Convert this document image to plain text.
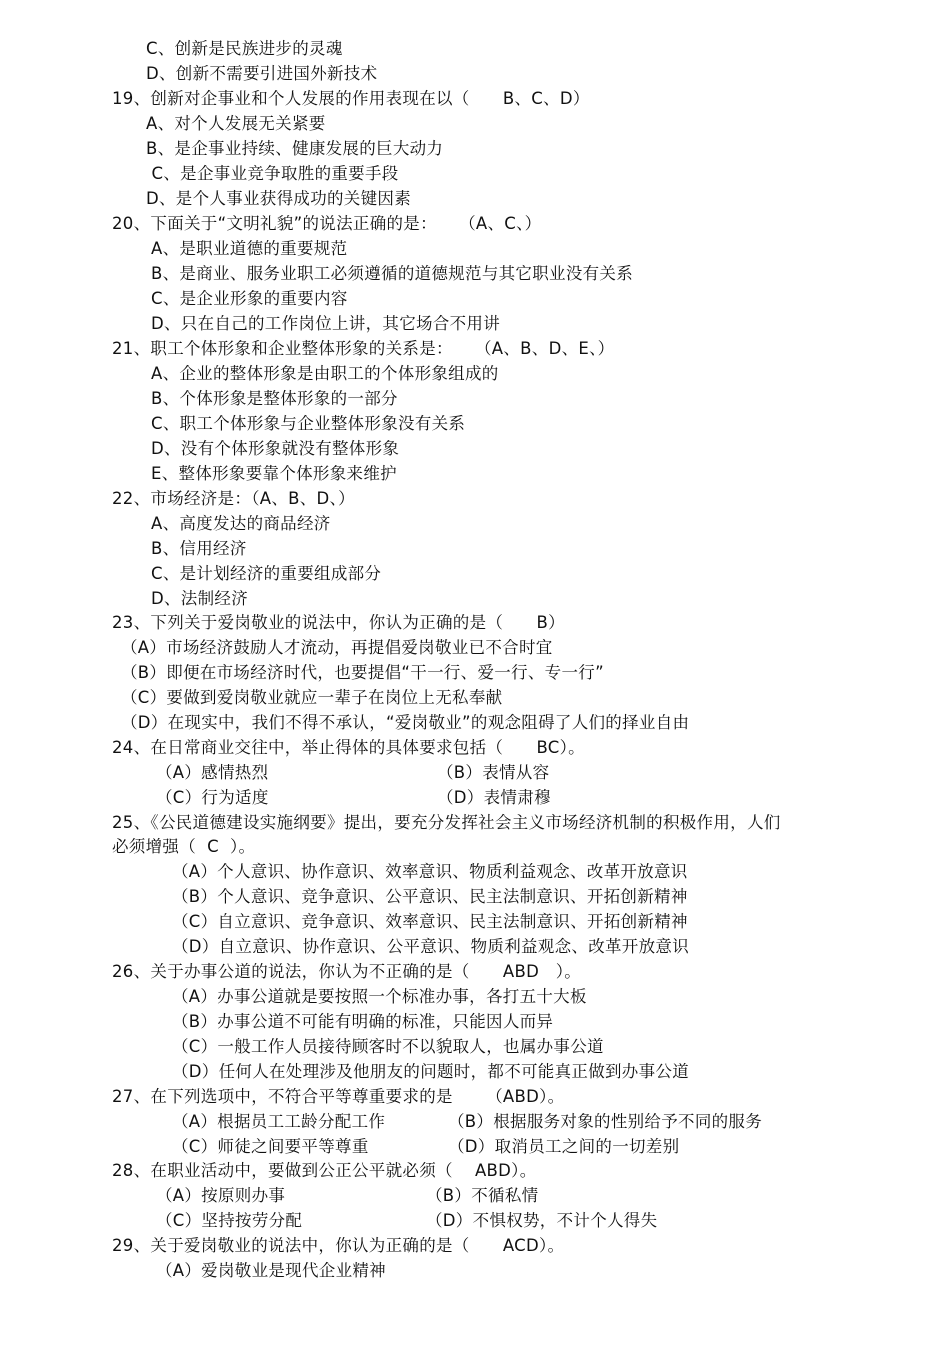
C、创新是民族进步的灵魂
D、创新不需要引进国外新技术
19、创新对企事业和个人发展的作用表现在以（      B、C、D）
A、对个人发展无关紧要
B、是企事业持续、健康发展的巨大动力
C、是企事业竞争取胜的重要手段
D、是个人事业获得成功的关键因素
20、下面关于“文明礼貌”的说法正确的是：    （A、C、）
A、是职业道德的重要规范
B、是商业、服务业职工必须遵循的道德规范与其它职业没有关系
C、是企业形象的重要内容
D、只在自己的工作岗位上讲，其它场合不用讲
21、职工个体形象和企业整体形象的关系是：    （A、B、D、E、）
A、企业的整体形象是由职工的个体形象组成的
B、个体形象是整体形象的一部分
C、职工个体形象与企业整体形象没有关系
D、没有个体形象就没有整体形象
E、整体形象要靠个体形象来维护
22、市场经济是：（A、B、D、）
A、高度发达的商品经济
B、信用经济
C、是计划经济的重要组成部分
D、法制经济
23、下列关于爱岗敬业的说法中，你认为正确的是（      B）
（A）市场经济鼓励人才流动，再提倡爱岗敬业已不合时宜
（B）即便在市场经济时代，也要提倡“干一行、爱一行、专一行”
（C）要做到爱岗敬业就应一辈子在岗位上无私奉献
（D）在现实中，我们不得不承认，“爱岗敬业”的观念阻碍了人们的择业自由
24、在日常商业交往中，举止得体的具体要求包括（      BC）。
（A）感情热烈	（B）表情从容
（C）行为适度	（D）表情肃穆
25、《公民道德建设实施纲要》提出，要充分发挥社会主义市场经济机制的积极作用，人们
必须增强（  C  ）。
（A）个人意识、协作意识、效率意识、物质利益观念、改革开放意识
（B）个人意识、竞争意识、公平意识、民主法制意识、开拓创新精神
（C）自立意识、竞争意识、效率意识、民主法制意识、开拓创新精神
（D）自立意识、协作意识、公平意识、物质利益观念、改革开放意识
26、关于办事公道的说法，你认为不正确的是（      ABD   ）。
（A）办事公道就是要按照一个标准办事，各打五十大板
（B）办事公道不可能有明确的标准，只能因人而异
（C）一般工作人员接待顾客时不以貌取人，也属办事公道
（D）任何人在处理涉及他朋友的问题时，都不可能真正做到办事公道
27、在下列选项中，不符合平等尊重要求的是      （ABD）。
（A）根据员工工龄分配工作	（B）根据服务对象的性别给予不同的服务
（C）师徒之间要平等尊重	（D）取消员工之间的一切差别
28、在职业活动中，要做到公正公平就必须（    ABD）。
（A）按原则办事	（B）不循私情
（C）坚持按劳分配	（D）不惧权势，不计个人得失
29、关于爱岗敬业的说法中，你认为正确的是（      ACD）。
（A）爱岗敬业是现代企业精神
